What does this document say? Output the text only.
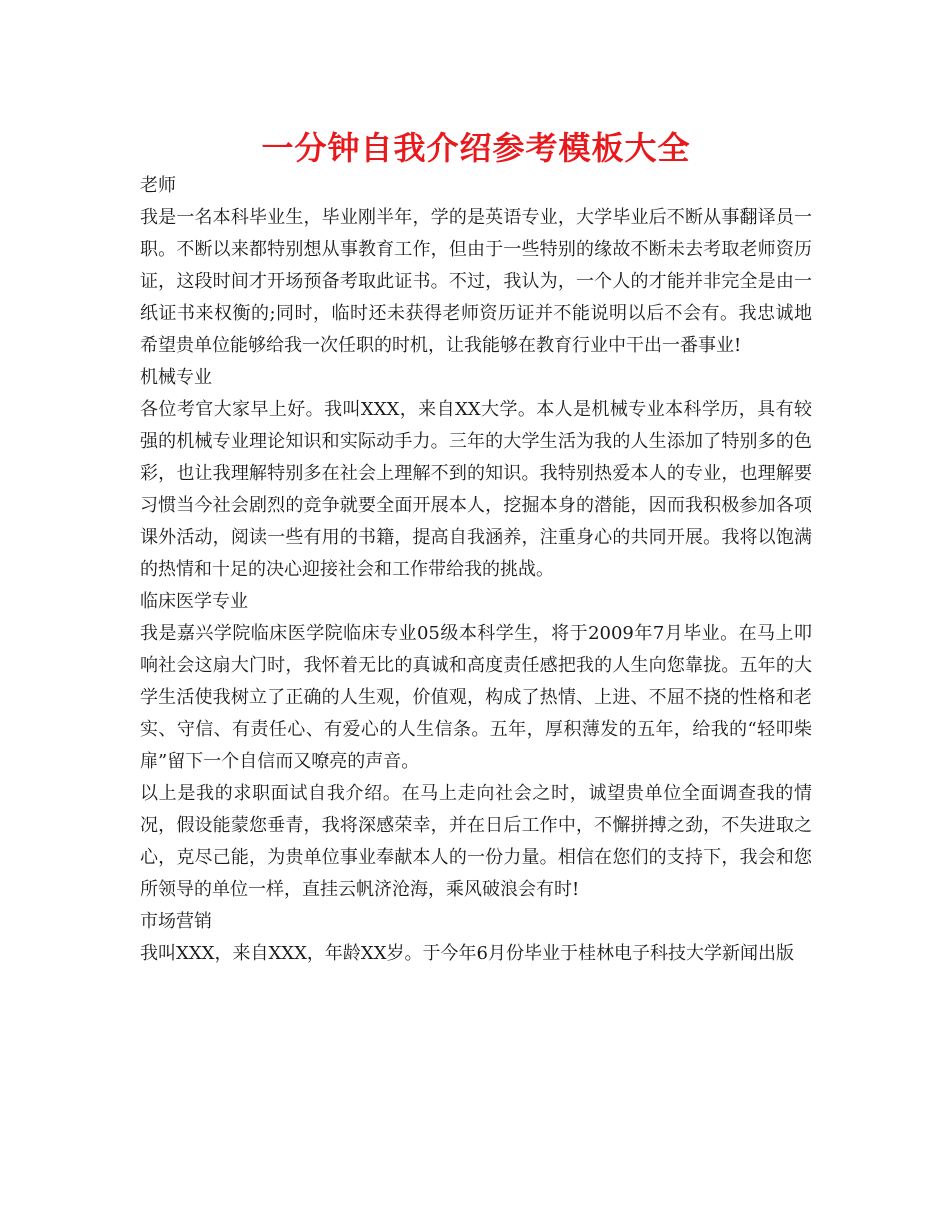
一分钟自我介绍参考模板大全

老师

我是一名本科毕业生，毕业刚半年，学的是英语专业，大学毕业后不断从事翻译员一职。不断以来都特别想从事教育工作，但由于一些特别的缘故不断未去考取老师资历证，这段时间才开场预备考取此证书。不过，我认为，一个人的才能并非完全是由一纸证书来权衡的;同时，临时还未获得老师资历证并不能说明以后不会有。我忠诚地希望贵单位能够给我一次任职的时机，让我能够在教育行业中干出一番事业!

机械专业

各位考官大家早上好。我叫XXX，来自XX大学。本人是机械专业本科学历，具有较强的机械专业理论知识和实际动手力。三年的大学生活为我的人生添加了特别多的色彩，也让我理解特别多在社会上理解不到的知识。我特别热爱本人的专业，也理解要习惯当今社会剧烈的竞争就要全面开展本人，挖掘本身的潜能，因而我积极参加各项课外活动，阅读一些有用的书籍，提高自我涵养，注重身心的共同开展。我将以饱满的热情和十足的决心迎接社会和工作带给我的挑战。

临床医学专业

我是嘉兴学院临床医学院临床专业05级本科学生，将于2009年7月毕业。在马上叩响社会这扇大门时，我怀着无比的真诚和高度责任感把我的人生向您靠拢。五年的大学生活使我树立了正确的人生观，价值观，构成了热情、上进、不屈不挠的性格和老实、守信、有责任心、有爱心的人生信条。五年，厚积薄发的五年，给我的“轻叩柴扉”留下一个自信而又嘹亮的声音。

以上是我的求职面试自我介绍。在马上走向社会之时，诚望贵单位全面调查我的情况，假设能蒙您垂青，我将深感荣幸，并在日后工作中，不懈拼搏之劲，不失进取之心，克尽己能，为贵单位事业奉献本人的一份力量。相信在您们的支持下，我会和您所领导的单位一样，直挂云帆济沧海，乘风破浪会有时!

市场营销

我叫XXX，来自XXX，年龄XX岁。于今年6月份毕业于桂林电子科技大学新闻出版
